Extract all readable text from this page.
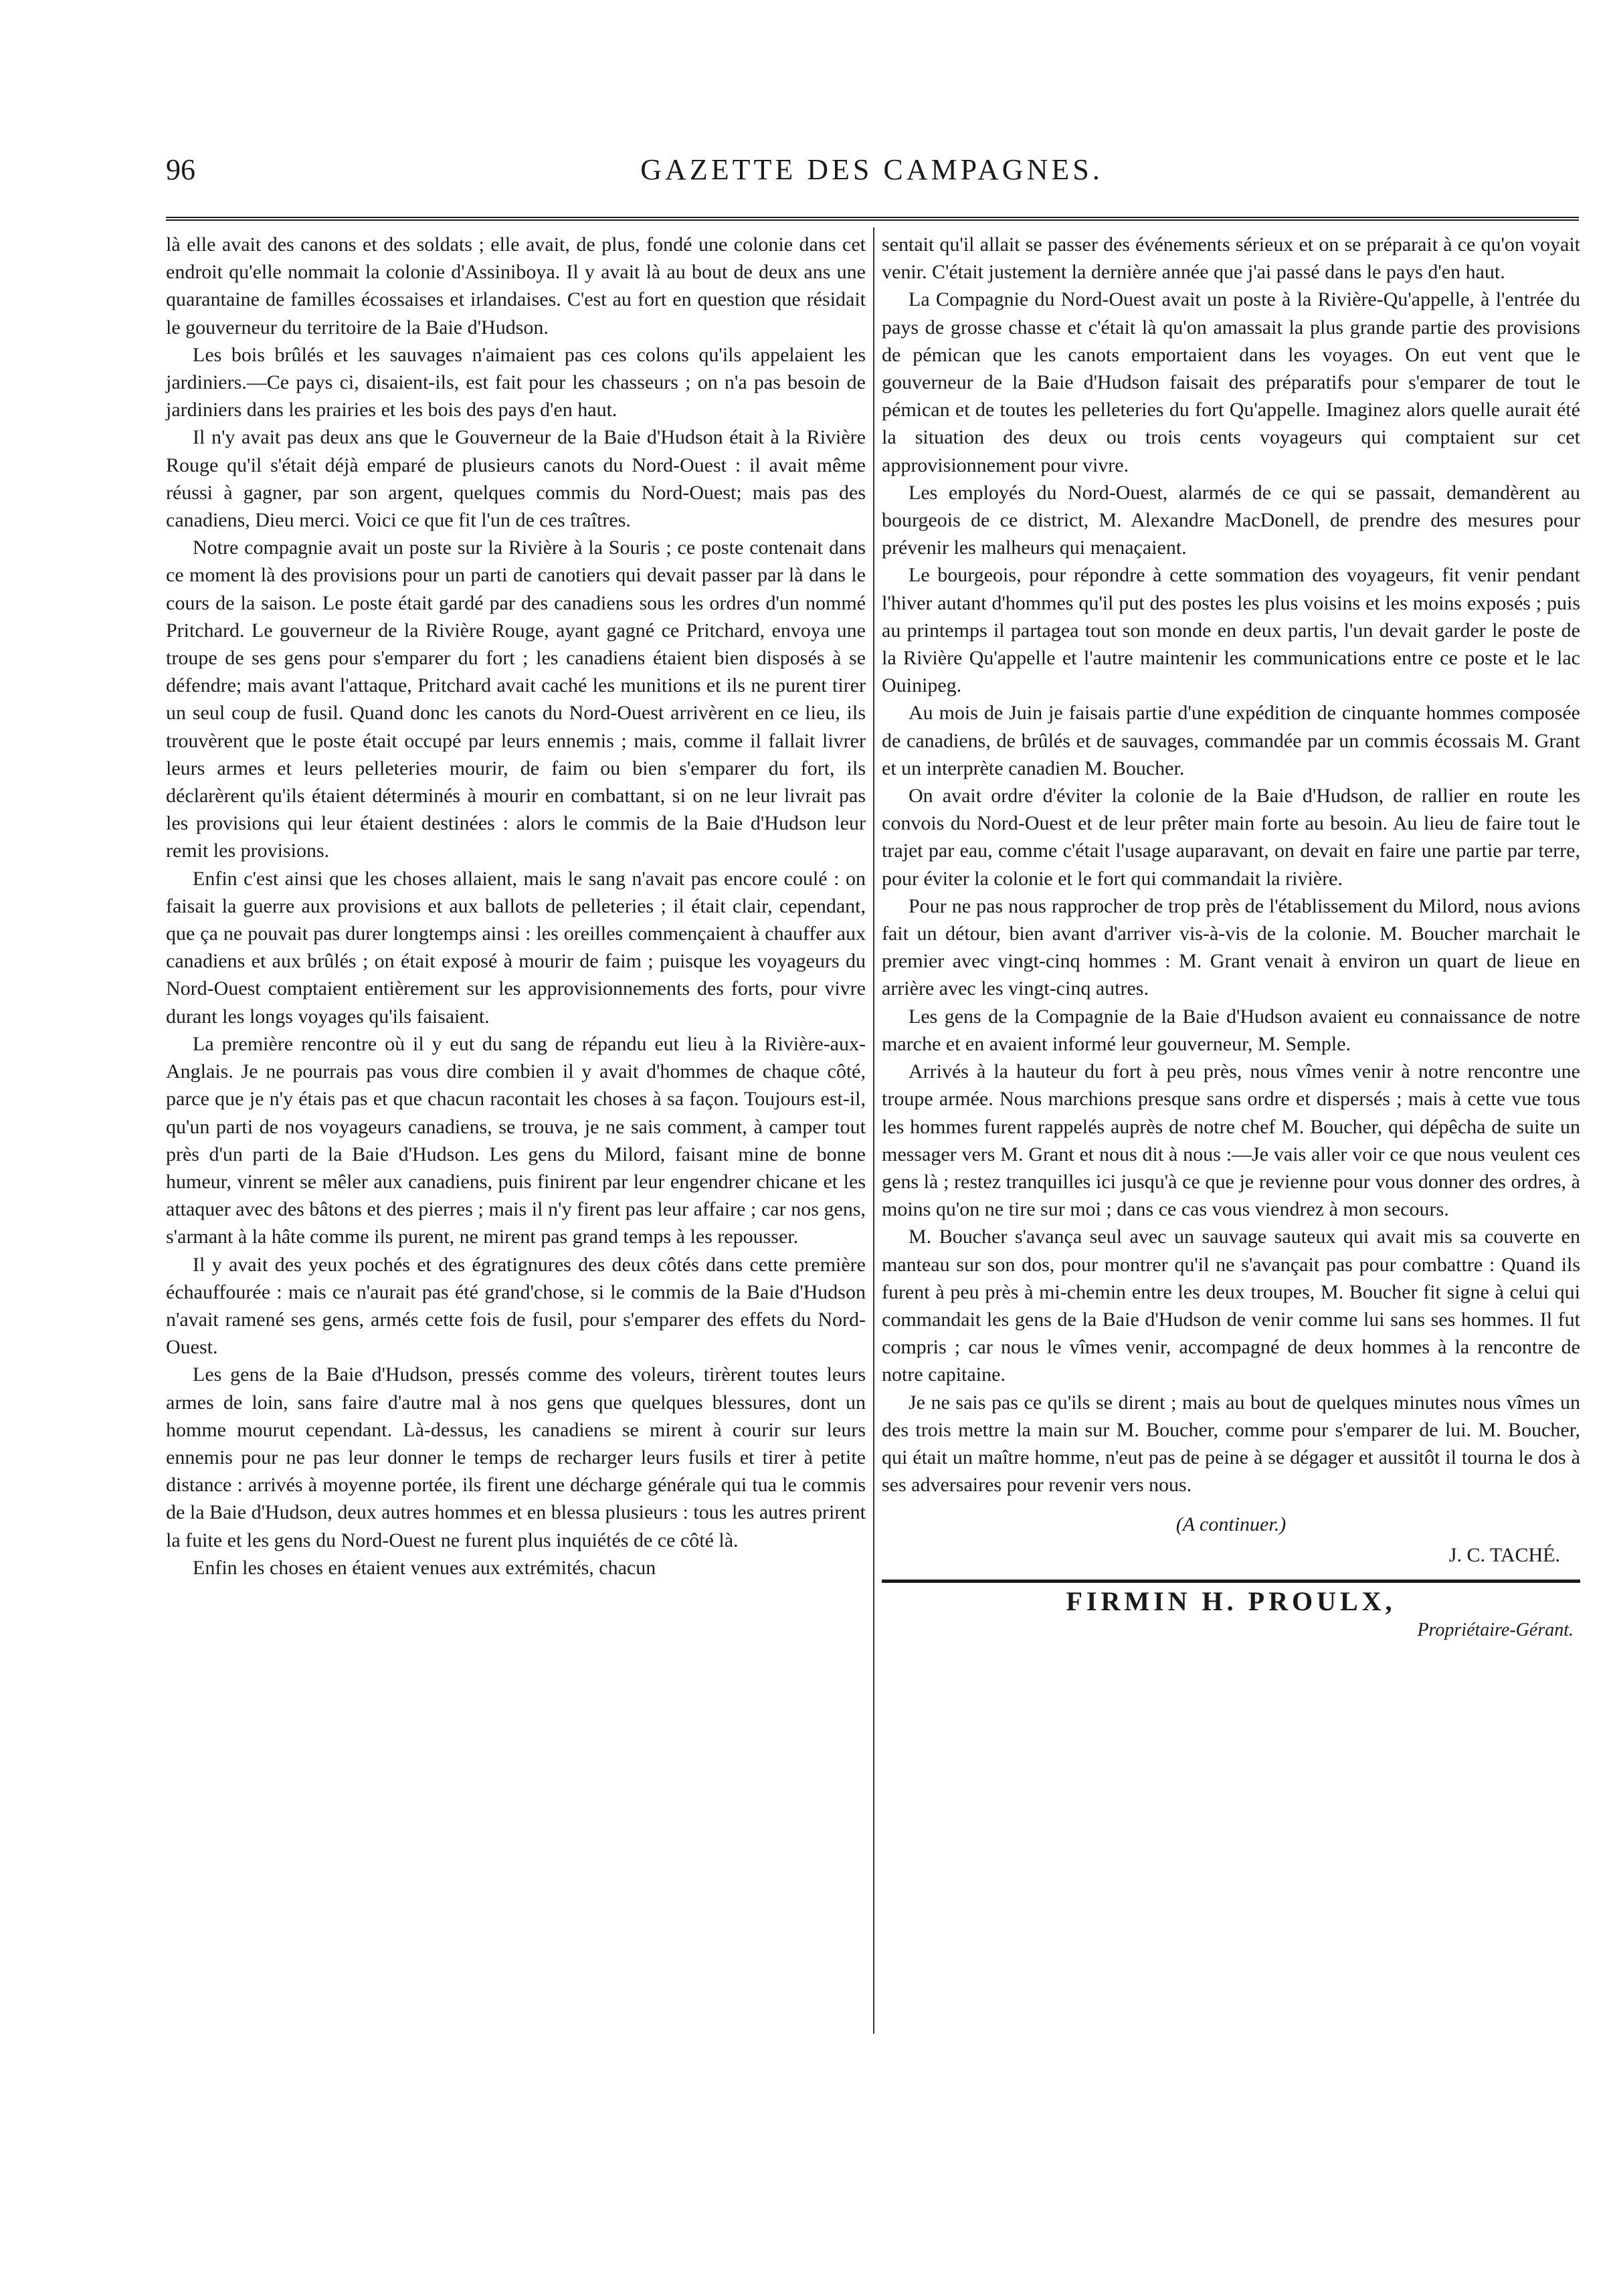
96	GAZETTE DES CAMPAGNES.

là elle avait des canons et des soldats ; elle avait, de plus, fondé une colonie dans cet endroit qu'elle nommait la colonie d'Assiniboya. Il y avait là au bout de deux ans une quarantaine de familles écossaises et irlandaises. C'est au fort en question que résidait le gouverneur du territoire de la Baie d'Hudson.

Les bois brûlés et les sauvages n'aimaient pas ces colons qu'ils appelaient les jardiniers.—Ce pays ci, disaient-ils, est fait pour les chasseurs ; on n'a pas besoin de jardiniers dans les prairies et les bois des pays d'en haut.

Il n'y avait pas deux ans que le Gouverneur de la Baie d'Hudson était à la Rivière Rouge qu'il s'était déjà emparé de plusieurs canots du Nord-Ouest : il avait même réussi à gagner, par son argent, quelques commis du Nord-Ouest; mais pas des canadiens, Dieu merci. Voici ce que fit l'un de ces traîtres.

Notre compagnie avait un poste sur la Rivière à la Souris ; ce poste contenait dans ce moment là des provisions pour un parti de canotiers qui devait passer par là dans le cours de la saison. Le poste était gardé par des canadiens sous les ordres d'un nommé Pritchard. Le gouverneur de la Rivière Rouge, ayant gagné ce Pritchard, envoya une troupe de ses gens pour s'emparer du fort ; les canadiens étaient bien disposés à se défendre; mais avant l'attaque, Pritchard avait caché les munitions et ils ne purent tirer un seul coup de fusil. Quand donc les canots du Nord-Ouest arrivèrent en ce lieu, ils trouvèrent que le poste était occupé par leurs ennemis ; mais, comme il fallait livrer leurs armes et leurs pelleteries mourir, de faim ou bien s'emparer du fort, ils déclarèrent qu'ils étaient déterminés à mourir en combattant, si on ne leur livrait pas les provisions qui leur étaient destinées : alors le commis de la Baie d'Hudson leur remit les provisions.

Enfin c'est ainsi que les choses allaient, mais le sang n'avait pas encore coulé : on faisait la guerre aux provisions et aux ballots de pelleteries ; il était clair, cependant, que ça ne pouvait pas durer longtemps ainsi : les oreilles commençaient à chauffer aux canadiens et aux brûlés ; on était exposé à mourir de faim ; puisque les voyageurs du Nord-Ouest comptaient entièrement sur les approvisionnements des forts, pour vivre durant les longs voyages qu'ils faisaient.

La première rencontre où il y eut du sang de répandu eut lieu à la Rivière-aux-Anglais. Je ne pourrais pas vous dire combien il y avait d'hommes de chaque côté, parce que je n'y étais pas et que chacun racontait les choses à sa façon. Toujours est-il, qu'un parti de nos voyageurs canadiens, se trouva, je ne sais comment, à camper tout près d'un parti de la Baie d'Hudson. Les gens du Milord, faisant mine de bonne humeur, vinrent se mêler aux canadiens, puis finirent par leur engendrer chicane et les attaquer avec des bâtons et des pierres ; mais il n'y firent pas leur affaire ; car nos gens, s'armant à la hâte comme ils purent, ne mirent pas grand temps à les repousser.

Il y avait des yeux pochés et des égratignures des deux côtés dans cette première échauffourée : mais ce n'aurait pas été grand'chose, si le commis de la Baie d'Hudson n'avait ramené ses gens, armés cette fois de fusil, pour s'emparer des effets du Nord-Ouest.

Les gens de la Baie d'Hudson, pressés comme des voleurs, tirèrent toutes leurs armes de loin, sans faire d'autre mal à nos gens que quelques blessures, dont un homme mourut cependant. Là-dessus, les canadiens se mirent à courir sur leurs ennemis pour ne pas leur donner le temps de recharger leurs fusils et tirer à petite distance : arrivés à moyenne portée, ils firent une décharge générale qui tua le commis de la Baie d'Hudson, deux autres hommes et en blessa plusieurs : tous les autres prirent la fuite et les gens du Nord-Ouest ne furent plus inquiétés de ce côté là.

Enfin les choses en étaient venues aux extrémités, chacun

sentait qu'il allait se passer des événements sérieux et on se préparait à ce qu'on voyait venir. C'était justement la dernière année que j'ai passé dans le pays d'en haut.

La Compagnie du Nord-Ouest avait un poste à la Rivière-Qu'appelle, à l'entrée du pays de grosse chasse et c'était là qu'on amassait la plus grande partie des provisions de pémican que les canots emportaient dans les voyages. On eut vent que le gouverneur de la Baie d'Hudson faisait des préparatifs pour s'emparer de tout le pémican et de toutes les pelleteries du fort Qu'appelle. Imaginez alors quelle aurait été la situation des deux ou trois cents voyageurs qui comptaient sur cet approvisionnement pour vivre.

Les employés du Nord-Ouest, alarmés de ce qui se passait, demandèrent au bourgeois de ce district, M. Alexandre MacDonell, de prendre des mesures pour prévenir les malheurs qui menaçaient.

Le bourgeois, pour répondre à cette sommation des voyageurs, fit venir pendant l'hiver autant d'hommes qu'il put des postes les plus voisins et les moins exposés ; puis au printemps il partagea tout son monde en deux partis, l'un devait garder le poste de la Rivière Qu'appelle et l'autre maintenir les communications entre ce poste et le lac Ouinipeg.

Au mois de Juin je faisais partie d'une expédition de cinquante hommes composée de canadiens, de brûlés et de sauvages, commandée par un commis écossais M. Grant et un interprète canadien M. Boucher.

On avait ordre d'éviter la colonie de la Baie d'Hudson, de rallier en route les convois du Nord-Ouest et de leur prêter main forte au besoin. Au lieu de faire tout le trajet par eau, comme c'était l'usage auparavant, on devait en faire une partie par terre, pour éviter la colonie et le fort qui commandait la rivière.

Pour ne pas nous rapprocher de trop près de l'établissement du Milord, nous avions fait un détour, bien avant d'arriver vis-à-vis de la colonie. M. Boucher marchait le premier avec vingt-cinq hommes : M. Grant venait à environ un quart de lieue en arrière avec les vingt-cinq autres.

Les gens de la Compagnie de la Baie d'Hudson avaient eu connaissance de notre marche et en avaient informé leur gouverneur, M. Semple.

Arrivés à la hauteur du fort à peu près, nous vîmes venir à notre rencontre une troupe armée. Nous marchions presque sans ordre et dispersés ; mais à cette vue tous les hommes furent rappelés auprès de notre chef M. Boucher, qui dépêcha de suite un messager vers M. Grant et nous dit à nous :—Je vais aller voir ce que nous veulent ces gens là ; restez tranquilles ici jusqu'à ce que je revienne pour vous donner des ordres, à moins qu'on ne tire sur moi ; dans ce cas vous viendrez à mon secours.

M. Boucher s'avança seul avec un sauvage sauteux qui avait mis sa couverte en manteau sur son dos, pour montrer qu'il ne s'avançait pas pour combattre : Quand ils furent à peu près à mi-chemin entre les deux troupes, M. Boucher fit signe à celui qui commandait les gens de la Baie d'Hudson de venir comme lui sans ses hommes. Il fut compris ; car nous le vîmes venir, accompagné de deux hommes à la rencontre de notre capitaine.

Je ne sais pas ce qu'ils se dirent ; mais au bout de quelques minutes nous vîmes un des trois mettre la main sur M. Boucher, comme pour s'emparer de lui. M. Boucher, qui était un maître homme, n'eut pas de peine à se dégager et aussitôt il tourna le dos à ses adversaires pour revenir vers nous.

(A continuer.)

J. C. TACHÉ.

FIRMIN H. PROULX,
Propriétaire-Gérant.
